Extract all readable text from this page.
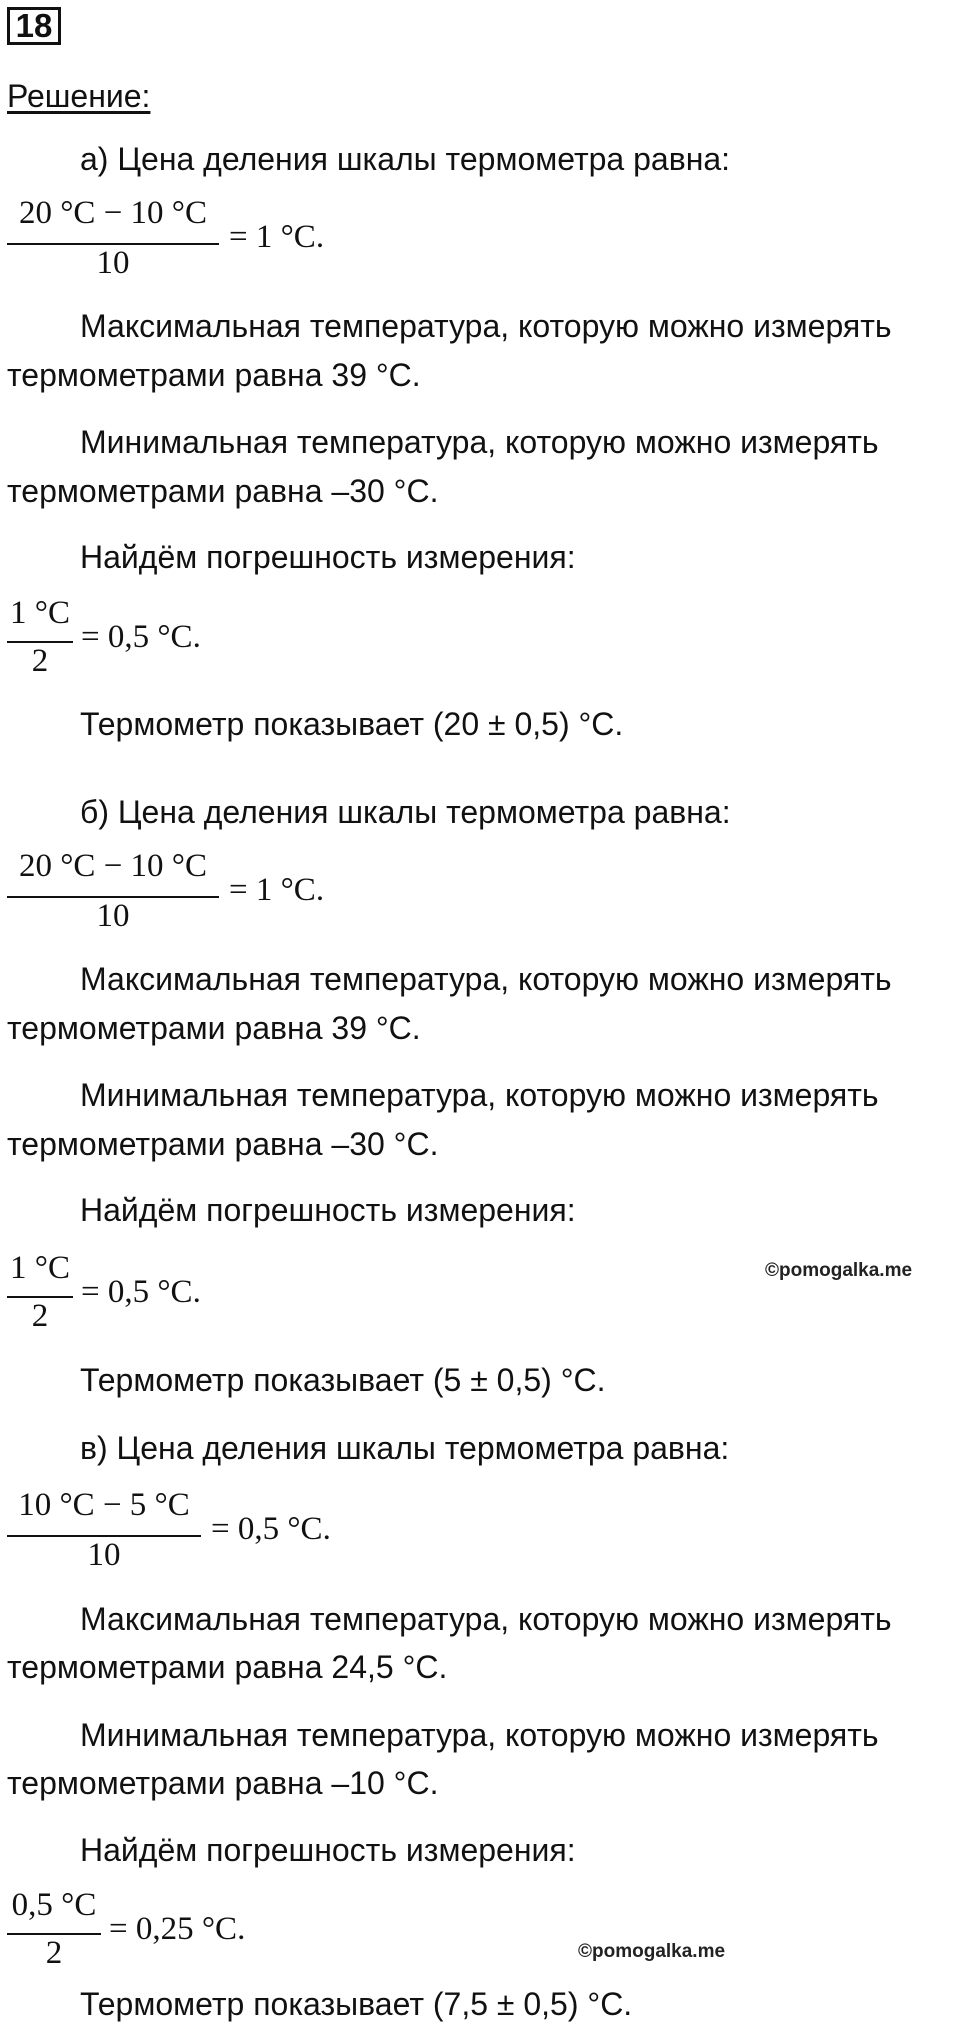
18
Решение:
а) Цена деления шкалы термометра равна:
20 °C − 10 °C
10
= 1 °C.
Максимальная температура, которую можно измерять
термометрами равна 39 °C.
Минимальная температура, которую можно измерять
термометрами равна –30 °C.
Найдём погрешность измерения:
1 °C
2
= 0,5 °C.
Термометр показывает (20 ± 0,5) °C.
б) Цена деления шкалы термометра равна:
20 °C − 10 °C
10
= 1 °C.
Максимальная температура, которую можно измерять
термометрами равна 39 °C.
Минимальная температура, которую можно измерять
термометрами равна –30 °C.
Найдём погрешность измерения:
©pomogalka.me
1 °C
2
= 0,5 °C.
Термометр показывает (5 ± 0,5) °C.
в) Цена деления шкалы термометра равна:
10 °C − 5 °C
10
= 0,5 °C.
Максимальная температура, которую можно измерять
термометрами равна 24,5 °C.
Минимальная температура, которую можно измерять
термометрами равна –10 °C.
Найдём погрешность измерения:
0,5 °C
2
= 0,25 °C.
©pomogalka.me
Термометр показывает (7,5 ± 0,5) °C.
